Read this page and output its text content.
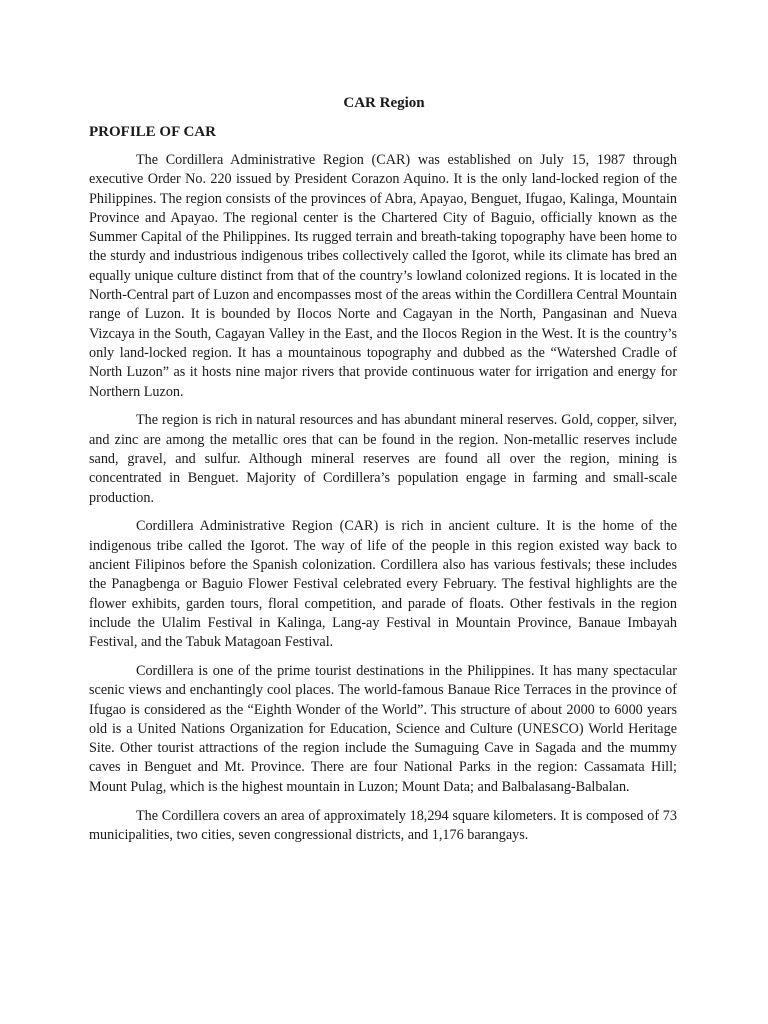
CAR Region
PROFILE OF CAR

The Cordillera Administrative Region (CAR) was established on July 15, 1987 through executive Order No. 220 issued by President Corazon Aquino. It is the only land-locked region of the Philippines. The region consists of the provinces of Abra, Apayao, Benguet, Ifugao, Kalinga, Mountain Province and Apayao. The regional center is the Chartered City of Baguio, officially known as the Summer Capital of the Philippines. Its rugged terrain and breath-taking topography have been home to the sturdy and industrious indigenous tribes collectively called the Igorot, while its climate has bred an equally unique culture distinct from that of the country’s lowland colonized regions. It is located in the North-Central part of Luzon and encompasses most of the areas within the Cordillera Central Mountain range of Luzon. It is bounded by Ilocos Norte and Cagayan in the North, Pangasinan and Nueva Vizcaya in the South, Cagayan Valley in the East, and the Ilocos Region in the West. It is the country’s only land-locked region. It has a mountainous topography and dubbed as the “Watershed Cradle of North Luzon” as it hosts nine major rivers that provide continuous water for irrigation and energy for Northern Luzon.

The region is rich in natural resources and has abundant mineral reserves. Gold, copper, silver, and zinc are among the metallic ores that can be found in the region. Non-metallic reserves include sand, gravel, and sulfur. Although mineral reserves are found all over the region, mining is concentrated in Benguet. Majority of Cordillera’s population engage in farming and small-scale production.

Cordillera Administrative Region (CAR) is rich in ancient culture. It is the home of the indigenous tribe called the Igorot. The way of life of the people in this region existed way back to ancient Filipinos before the Spanish colonization. Cordillera also has various festivals; these includes the Panagbenga or Baguio Flower Festival celebrated every February. The festival highlights are the flower exhibits, garden tours, floral competition, and parade of floats. Other festivals in the region include the Ulalim Festival in Kalinga, Lang-ay Festival in Mountain Province, Banaue Imbayah Festival, and the Tabuk Matagoan Festival.

Cordillera is one of the prime tourist destinations in the Philippines. It has many spectacular scenic views and enchantingly cool places. The world-famous Banaue Rice Terraces in the province of Ifugao is considered as the “Eighth Wonder of the World”. This structure of about 2000 to 6000 years old is a United Nations Organization for Education, Science and Culture (UNESCO) World Heritage Site. Other tourist attractions of the region include the Sumaguing Cave in Sagada and the mummy caves in Benguet and Mt. Province. There are four National Parks in the region: Cassamata Hill; Mount Pulag, which is the highest mountain in Luzon; Mount Data; and Balbalasang-Balbalan.

The Cordillera covers an area of approximately 18,294 square kilometers. It is composed of 73 municipalities, two cities, seven congressional districts, and 1,176 barangays.
